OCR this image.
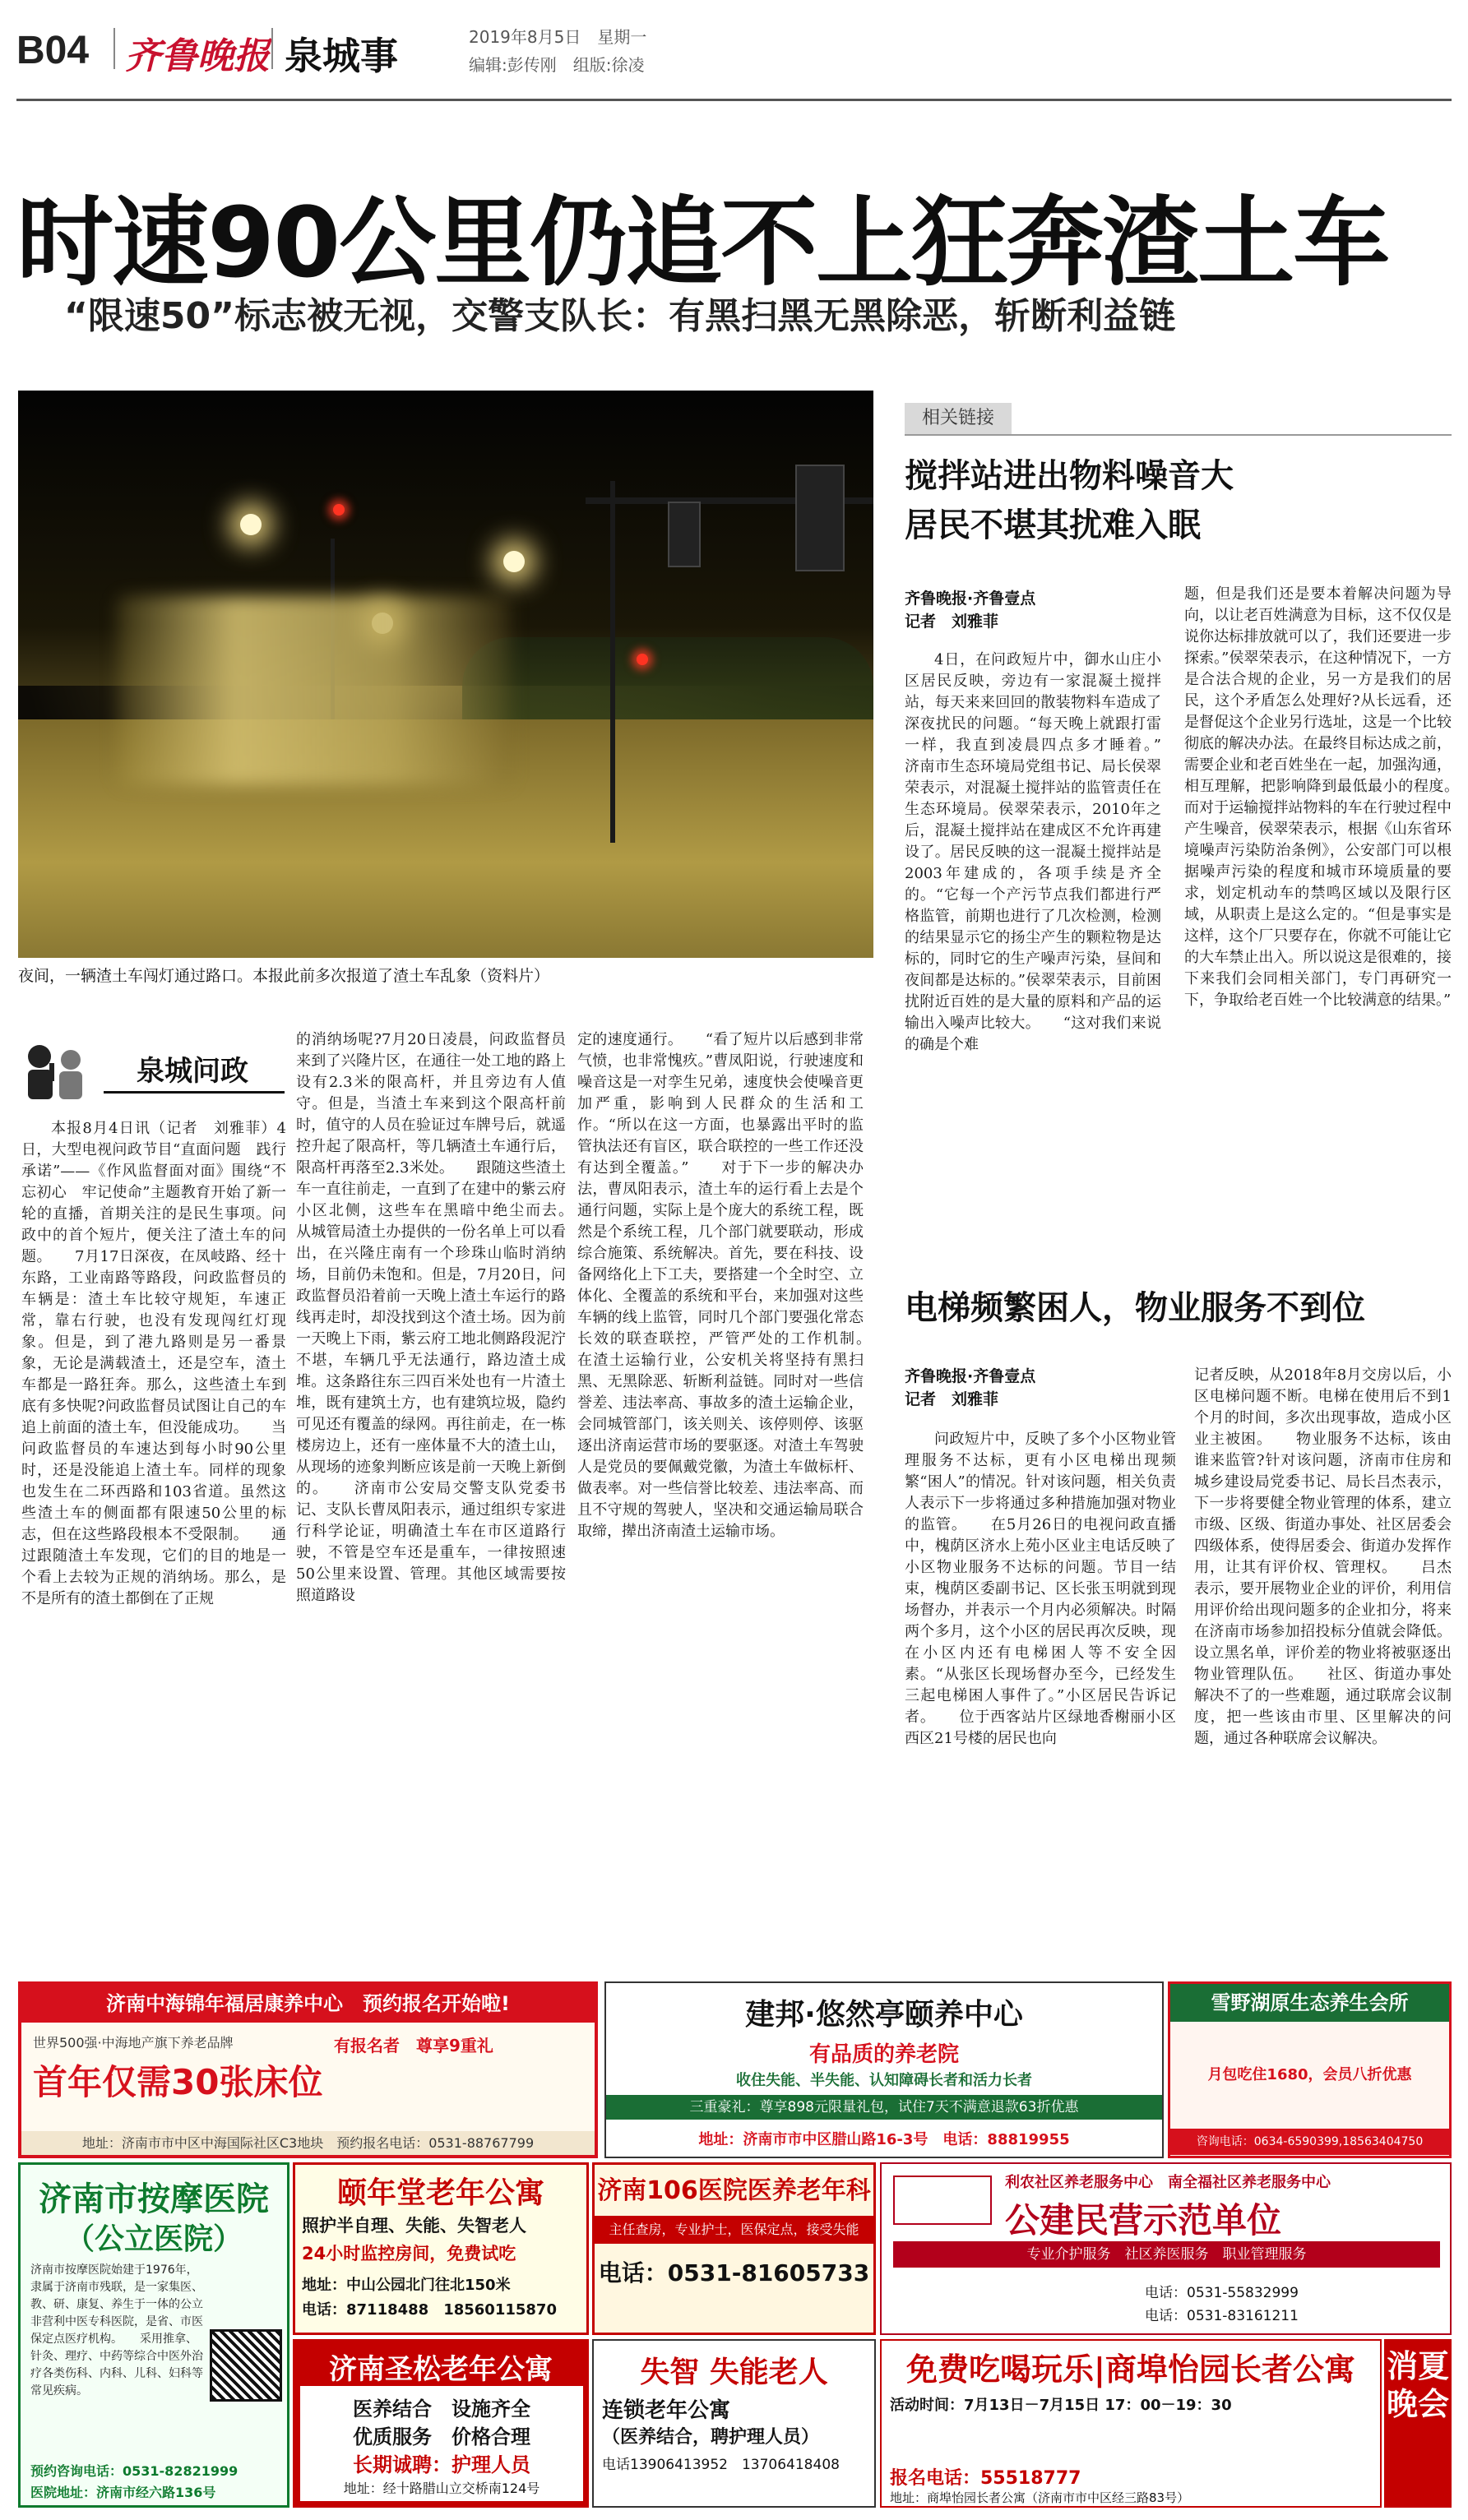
B04 齐鲁晚报 泉城事	2019年8月5日　星期一
编辑:彭传刚　组版:徐凌
时速90公里仍追不上狂奔渣土车
“限速50”标志被无视，交警支队长：有黑扫黑无黑除恶，斩断利益链
夜间，一辆渣土车闯灯通过路口。本报此前多次报道了渣土车乱象（资料片）
泉城问政

本报8月4日讯（记者　刘雅菲）4日，大型电视问政节目“直面问题　践行承诺”——《作风监督面对面》围绕“不忘初心　牢记使命”主题教育开始了新一轮的直播，首期关注的是民生事项。问政中的首个短片，便关注了渣土车的问题。　　7月17日深夜，在凤岐路、经十东路，工业南路等路段，问政监督员的车辆是：渣土车比较守规矩，车速正常，靠右行驶，也没有发现闯红灯现象。但是，到了港九路则是另一番景象，无论是满载渣土，还是空车，渣土车都是一路狂奔。那么，这些渣土车到底有多快呢?问政监督员试图让自己的车追上前面的渣土车，但没能成功。　　当问政监督员的车速达到每小时90公里时，还是没能追上渣土车。同样的现象也发生在二环西路和103省道。虽然这些渣土车的侧面都有限速50公里的标志，但在这些路段根本不受限制。　　通过跟随渣土车发现，它们的目的地是一个看上去较为正规的消纳场。那么，是不是所有的渣土都倒在了正规

的消纳场呢?7月20日凌晨，问政监督员来到了兴隆片区，在通往一处工地的路上设有2.3米的限高杆，并且旁边有人值守。但是，当渣土车来到这个限高杆前时，值守的人员在验证过车牌号后，就遥控升起了限高杆，等几辆渣土车通行后，限高杆再落至2.3米处。　　跟随这些渣土车一直往前走，一直到了在建中的紫云府小区北侧，这些车在黑暗中绝尘而去。　　从城管局渣土办提供的一份名单上可以看出，在兴隆庄南有一个珍珠山临时消纳场，目前仍未饱和。但是，7月20日，问政监督员沿着前一天晚上渣土车运行的路线再走时，却没找到这个渣土场。因为前一天晚上下雨，紫云府工地北侧路段泥泞不堪，车辆几乎无法通行，路边渣土成堆。这条路往东三四百米处也有一片渣土堆，既有建筑土方，也有建筑垃圾，隐约可见还有覆盖的绿网。再往前走，在一栋楼房边上，还有一座体量不大的渣土山，从现场的迹象判断应该是前一天晚上新倒的。　　济南市公安局交警支队党委书记、支队长曹凤阳表示，通过组织专家进行科学论证，明确渣土车在市区道路行驶，不管是空车还是重车，一律按照速50公里来设置、管理。其他区域需要按照道路设

定的速度通行。　　“看了短片以后感到非常气愤，也非常愧疚。”曹凤阳说，行驶速度和噪音这是一对孪生兄弟，速度快会使噪音更加严重，影响到人民群众的生活和工作。“所以在这一方面，也暴露出平时的监管执法还有盲区，联合联控的一些工作还没有达到全覆盖。”　　对于下一步的解决办法，曹凤阳表示，渣土车的运行看上去是个通行问题，实际上是个庞大的系统工程，既然是个系统工程，几个部门就要联动，形成综合施策、系统解决。首先，要在科技、设备网络化上下工夫，要搭建一个全时空、立体化、全覆盖的系统和平台，来加强对这些车辆的线上监管，同时几个部门要强化常态长效的联查联控，严管严处的工作机制。　　在渣土运输行业，公安机关将坚持有黑扫黑、无黑除恶、斩断利益链。同时对一些信誉差、违法率高、事故多的渣土运输企业，会同城管部门，该关则关、该停则停、该驱逐出济南运营市场的要驱逐。对渣土车驾驶人是党员的要佩戴党徽，为渣土车做标杆、做表率。对一些信誉比较差、违法率高、而且不守规的驾驶人，坚决和交通运输局联合取缔，撵出济南渣土运输市场。

相关链接
搅拌站进出物料噪音大
居民不堪其扰难入眠
齐鲁晚报·齐鲁壹点
记者　刘雅菲

4日，在问政短片中，御水山庄小区居民反映，旁边有一家混凝土搅拌站，每天来来回回的散装物料车造成了深夜扰民的问题。“每天晚上就跟打雷一样，我直到凌晨四点多才睡着。”　　济南市生态环境局党组书记、局长侯翠荣表示，对混凝土搅拌站的监管责任在生态环境局。侯翠荣表示，2010年之后，混凝土搅拌站在建成区不允许再建设了。居民反映的这一混凝土搅拌站是2003年建成的，各项手续是齐全的。“它每一个产污节点我们都进行严格监管，前期也进行了几次检测，检测的结果显示它的扬尘产生的颗粒物是达标的，同时它的生产噪声污染，昼间和夜间都是达标的。”侯翠荣表示，目前困扰附近百姓的是大量的原料和产品的运输出入噪声比较大。　　“这对我们来说的确是个难

题，但是我们还是要本着解决问题为导向，以让老百姓满意为目标，这不仅仅是说你达标排放就可以了，我们还要进一步探索。”侯翠荣表示，在这种情况下，一方是合法合规的企业，另一方是我们的居民，这个矛盾怎么处理好?从长远看，还是督促这个企业另行选址，这是一个比较彻底的解决办法。在最终目标达成之前，需要企业和老百姓坐在一起，加强沟通，相互理解，把影响降到最低最小的程度。　　而对于运输搅拌站物料的车在行驶过程中产生噪音，侯翠荣表示，根据《山东省环境噪声污染防治条例》，公安部门可以根据噪声污染的程度和城市环境质量的要求，划定机动车的禁鸣区域以及限行区域，从职责上是这么定的。“但是事实是这样，这个厂只要存在，你就不可能让它的大车禁止出入。所以说这是很难的，接下来我们会同相关部门，专门再研究一下，争取给老百姓一个比较满意的结果。”

电梯频繁困人，物业服务不到位
齐鲁晚报·齐鲁壹点
记者　刘雅菲

问政短片中，反映了多个小区物业管理服务不达标，更有小区电梯出现频繁“困人”的情况。针对该问题，相关负责人表示下一步将通过多种措施加强对物业的监管。　　在5月26日的电视问政直播中，槐荫区济水上苑小区业主电话反映了小区物业服务不达标的问题。节目一结束，槐荫区委副书记、区长张玉明就到现场督办，并表示一个月内必须解决。时隔两个多月，这个小区的居民再次反映，现在小区内还有电梯困人等不安全因素。“从张区长现场督办至今，已经发生三起电梯困人事件了。”小区居民告诉记者。　　位于西客站片区绿地香榭丽小区西区21号楼的居民也向

记者反映，从2018年8月交房以后，小区电梯问题不断。电梯在使用后不到1个月的时间，多次出现事故，造成小区业主被困。　　物业服务不达标，该由谁来监管?针对该问题，济南市住房和城乡建设局党委书记、局长吕杰表示，下一步将要健全物业管理的体系，建立市级、区级、街道办事处、社区居委会四级体系，使得居委会、街道办发挥作用，让其有评价权、管理权。　　吕杰表示，要开展物业企业的评价，利用信用评价给出现问题多的企业扣分，将来在济南市场参加招投标分值就会降低。设立黑名单，评价差的物业将被驱逐出物业管理队伍。　　社区、街道办事处解决不了的一些难题，通过联席会议制度，把一些该由市里、区里解决的问题，通过各种联席会议解决。

济南中海锦年福居康养中心　预约报名开始啦!
世界500强·中海地产旗下养老品牌
首年仅需30张床位
有报名者　尊享9重礼
地址：济南市市中区中海国际社区C3地块　预约报名电话：0531-88767799
建邦·悠然亭颐养中心
有品质的养老院
收住失能、半失能、认知障碍长者和活力长者
三重豪礼：尊享898元限量礼包，试住7天不满意退款63折优惠
地址：济南市市中区腊山路16-3号　电话：88819955
雪野湖原生态养生会所
月包吃住1680，会员八折优惠
咨询电话：0634-6590399,18563404750
济南市按摩医院
（公立医院）
济南市按摩医院始建于1976年，隶属于济南市残联，是一家集医、教、研、康复、养生于一体的公立非营利中医专科医院，是省、市医保定点医疗机构。　　采用推拿、针灸、理疗、中药等综合中医外治疗各类伤科、内科、儿科、妇科等常见疾病。
预约咨询电话：0531-82821999
医院地址：济南市经六路136号
颐年堂老年公寓
照护半自理、失能、失智老人
24小时监控房间，免费试吃
地址：中山公园北门往北150米
电话：87118488　18560115870
济南圣松老年公寓
医养结合　设施齐全
优质服务　价格合理
长期诚聘：护理人员
地址：经十路腊山立交桥南124号
济南106医院医养老年科
主任查房，专业护士，医保定点，接受失能
电话：0531-81605733
失智 失能老人
连锁老年公寓
（医养结合，聘护理人员）
电话13906413952　13706418408
利农社区养老服务中心　南全福社区养老服务中心
公建民营示范单位
专业介护服务　社区养医服务　职业管理服务
电话：0531-55832999
电话：0531-83161211
免费吃喝玩乐|商埠怡园长者公寓
活动时间：7月13日－7月15日 17：00－19：30
报名电话：55518777
地址：商埠怡园长者公寓（济南市市中区经三路83号）
消夏晚会
